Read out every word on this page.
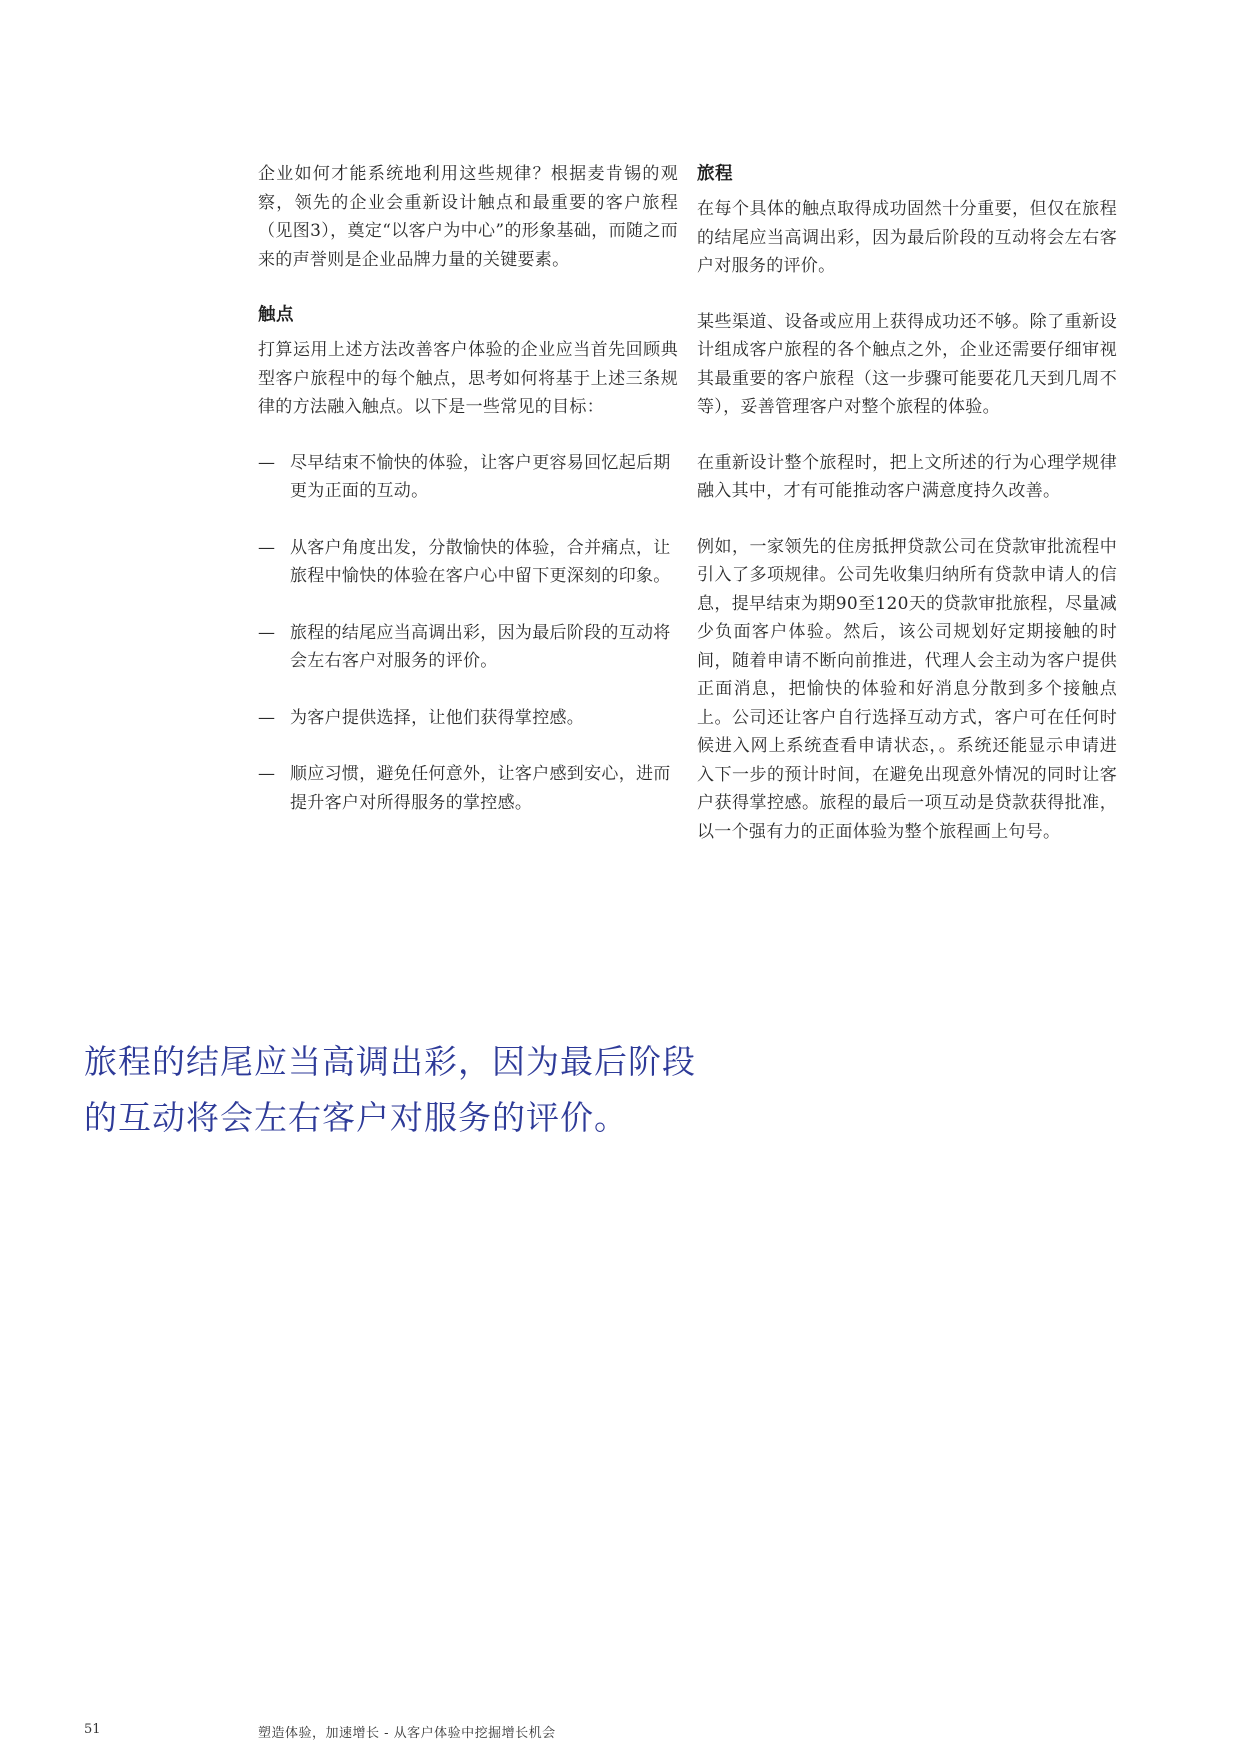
企业如何才能系统地利用这些规律？根据麦肯锡的观察，领先的企业会重新设计触点和最重要的客户旅程（见图3），奠定“以客户为中心”的形象基础，而随之而来的声誉则是企业品牌力量的关键要素。

触点

打算运用上述方法改善客户体验的企业应当首先回顾典型客户旅程中的每个触点，思考如何将基于上述三条规律的方法融入触点。以下是一些常见的目标：

— 尽早结束不愉快的体验，让客户更容易回忆起后期更为正面的互动。
— 从客户角度出发，分散愉快的体验，合并痛点，让旅程中愉快的体验在客户心中留下更深刻的印象。
— 旅程的结尾应当高调出彩，因为最后阶段的互动将会左右客户对服务的评价。
— 为客户提供选择，让他们获得掌控感。
— 顺应习惯，避免任何意外，让客户感到安心，进而提升客户对所得服务的掌控感。
旅程

在每个具体的触点取得成功固然十分重要，但仅在旅程的结尾应当高调出彩，因为最后阶段的互动将会左右客户对服务的评价。

某些渠道、设备或应用上获得成功还不够。除了重新设计组成客户旅程的各个触点之外，企业还需要仔细审视其最重要的客户旅程（这一步骤可能要花几天到几周不等），妥善管理客户对整个旅程的体验。

在重新设计整个旅程时，把上文所述的行为心理学规律融入其中，才有可能推动客户满意度持久改善。

例如，一家领先的住房抵押贷款公司在贷款审批流程中引入了多项规律。公司先收集归纳所有贷款申请人的信息，提早结束为期90至120天的贷款审批旅程，尽量减少负面客户体验。然后，该公司规划好定期接触的时间，随着申请不断向前推进，代理人会主动为客户提供正面消息，把愉快的体验和好消息分散到多个接触点上。公司还让客户自行选择互动方式，客户可在任何时候进入网上系统查看申请状态，。系统还能显示申请进入下一步的预计时间，在避免出现意外情况的同时让客户获得掌控感。旅程的最后一项互动是贷款获得批准，以一个强有力的正面体验为整个旅程画上句号。

旅程的结尾应当高调出彩，因为最后阶段
的互动将会左右客户对服务的评价。
51	塑造体验，加速增长 - 从客户体验中挖掘增长机会
